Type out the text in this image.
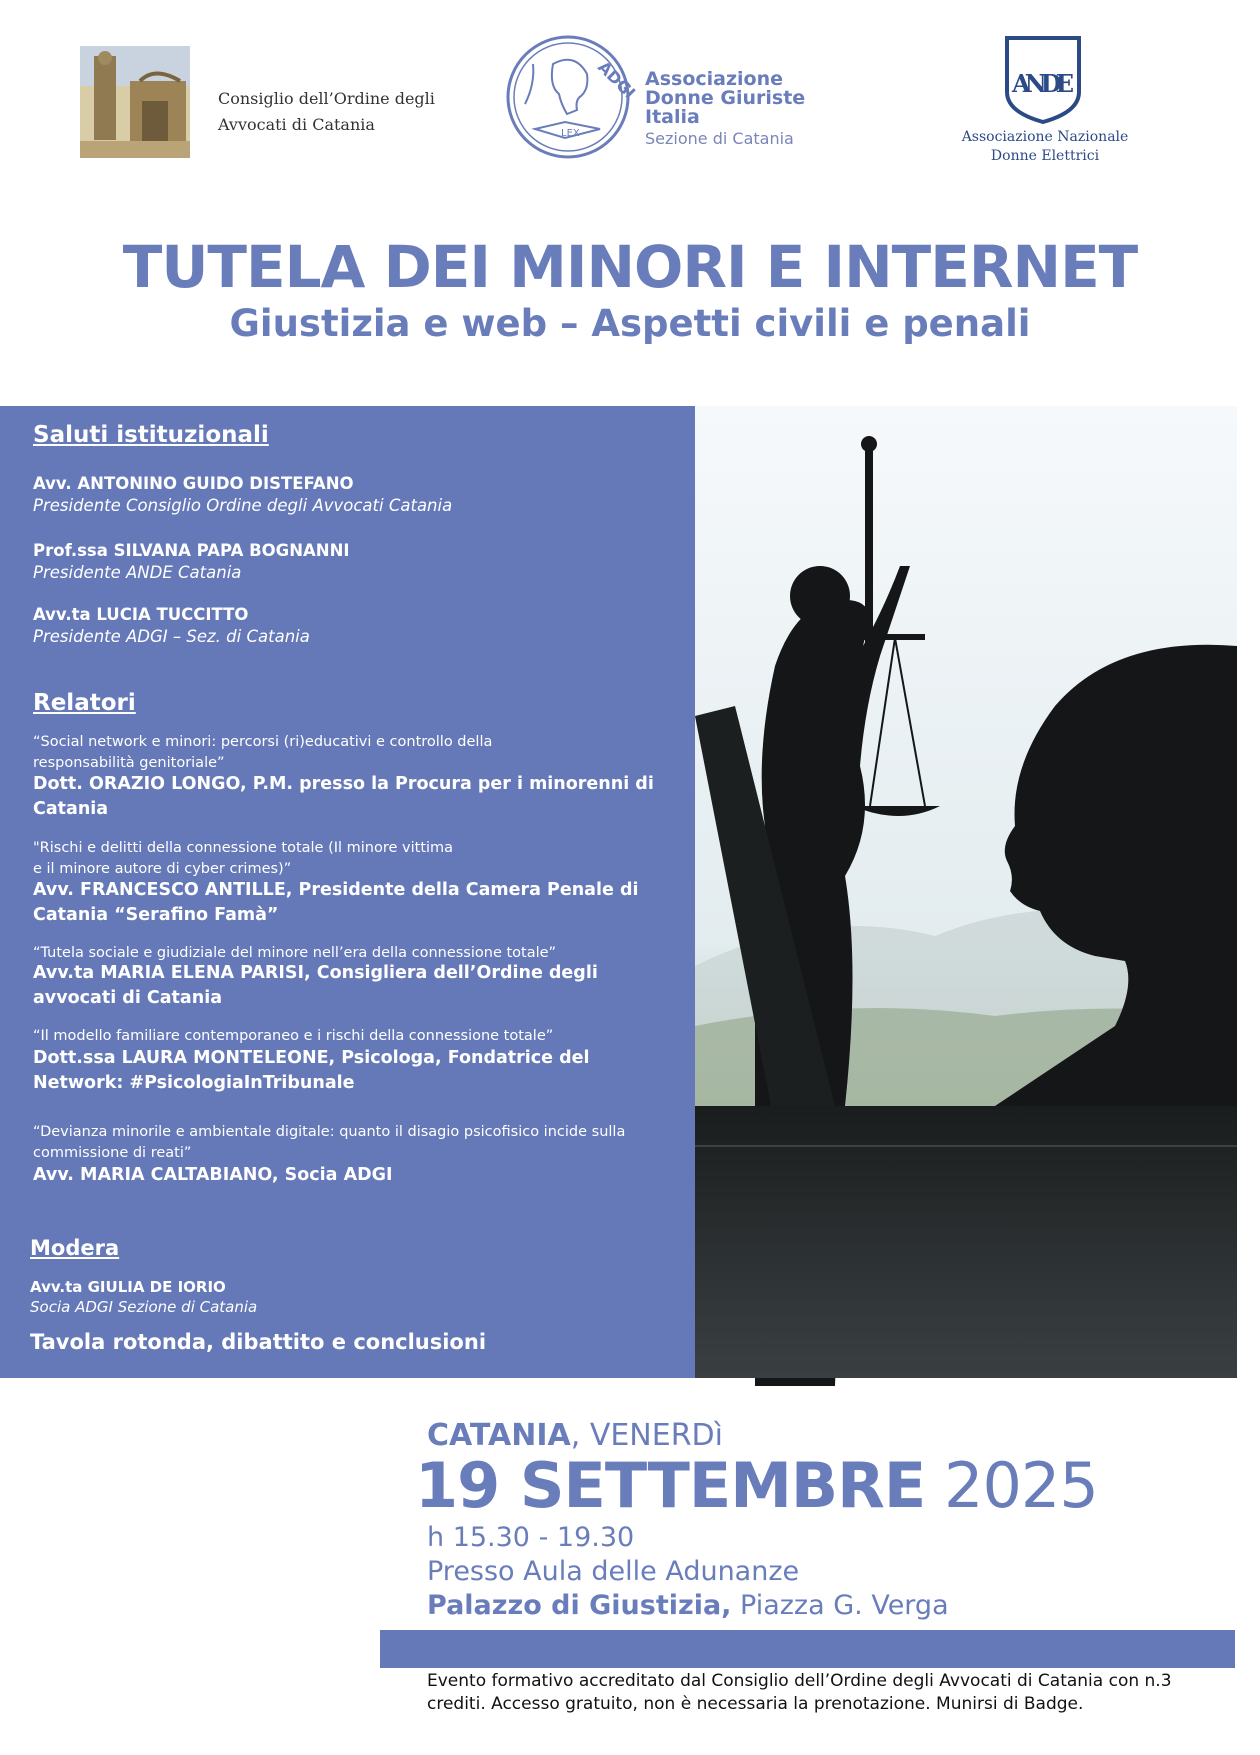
Consiglio dell’Ordine degli
Avvocati di Catania
ADGI
LEX
Associazione
Donne Giuriste
Italia
Sezione di Catania
ANDE
Associazione Nazionale
Donne Elettrici
TUTELA DEI MINORI E INTERNET
Giustizia e web – Aspetti civili e penali
Saluti istituzionali
Avv. ANTONINO GUIDO DISTEFANO
Presidente Consiglio Ordine degli Avvocati Catania
Prof.ssa SILVANA PAPA BOGNANNI
Presidente ANDE Catania
Avv.ta LUCIA TUCCITTO
Presidente ADGI – Sez. di Catania
Relatori
“Social network e minori: percorsi (ri)educativi e controllo della
responsabilità genitoriale”
Dott. ORAZIO LONGO, P.M. presso la Procura per i minorenni di
Catania
"Rischi e delitti della connessione totale (Il minore vittima
e il minore autore di cyber crimes)”
Avv. FRANCESCO ANTILLE, Presidente della Camera Penale di
Catania “Serafino Famà”
“Tutela sociale e giudiziale del minore nell’era della connessione totale”
Avv.ta MARIA ELENA PARISI, Consigliera dell’Ordine degli
avvocati di Catania
“Il modello familiare contemporaneo e i rischi della connessione totale”
Dott.ssa LAURA MONTELEONE, Psicologa, Fondatrice del
Network: #PsicologiaInTribunale
“Devianza minorile e ambientale digitale: quanto il disagio psicofisico incide sulla
commissione di reati”
Avv. MARIA CALTABIANO, Socia ADGI
Modera
Avv.ta GIULIA DE IORIO
Socia ADGI Sezione di Catania
Tavola rotonda, dibattito e conclusioni
CATANIA, VENERDì
19 SETTEMBRE 2025
h 15.30 - 19.30
Presso Aula delle Adunanze
Palazzo di Giustizia, Piazza G. Verga
Evento formativo accreditato dal Consiglio dell’Ordine degli Avvocati di Catania con n.3 crediti. Accesso gratuito, non è necessaria la prenotazione. Munirsi di Badge.
